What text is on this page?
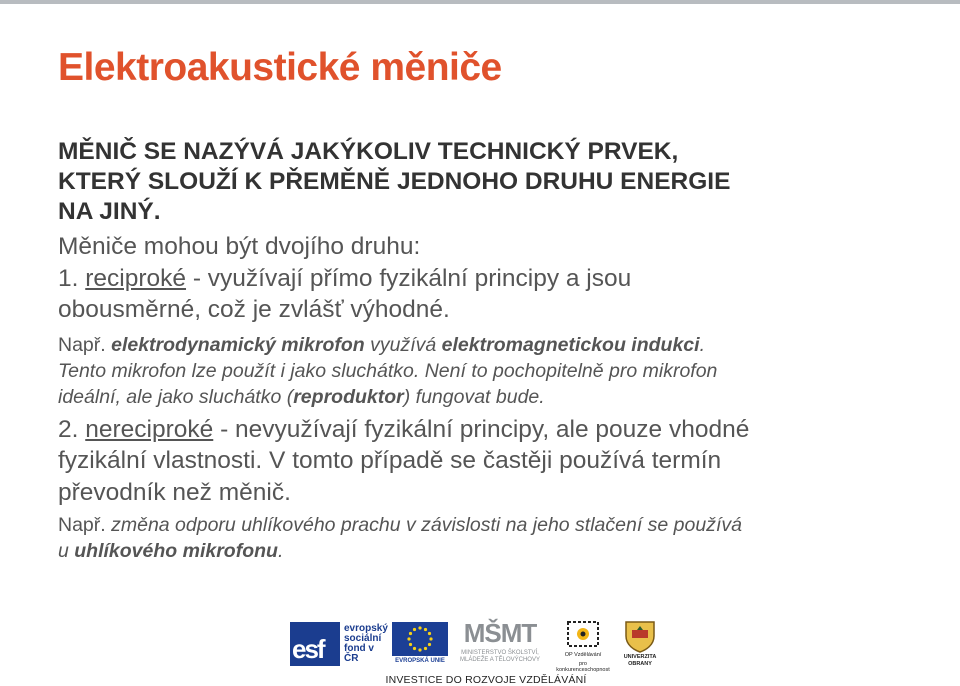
Elektroakustické měniče

MĚNIČ SE NAZÝVÁ JAKÝKOLIV TECHNICKÝ PRVEK,

KTERÝ SLOUŽÍ K PŘEMĚNĚ JEDNOHO DRUHU ENERGIE

NA JINÝ.

Měniče mohou být dvojího druhu:

1. reciproké - využívají přímo fyzikální principy a jsou

obousměrné, což je zvlášť výhodné.

Např. elektrodynamický mikrofon využívá elektromagnetickou indukci.

Tento mikrofon lze použít i jako sluchátko. Není to pochopitelně pro mikrofon

ideální, ale jako sluchátko (reproduktor) fungovat bude.

2. nereciproké - nevyužívají fyzikální principy, ale pouze vhodné

fyzikální vlastnosti. V tomto případě se častěji používá termín

převodník než měnič.

Např. změna odporu uhlíkového prachu v závislosti na jeho stlačení se používá

u uhlíkového mikrofonu.

esf
evropský
sociální
fond v ČR	EVROPSKÁ UNIE
MŠMT
MINISTERSTVO ŠKOLSTVÍ,
MLÁDEŽE A TĚLOVÝCHOVY
OP Vzdělávání
pro konkurenceschopnost
UNIVERZITA
OBRANY
INVESTICE DO ROZVOJE VZDĚLÁVÁNÍ
